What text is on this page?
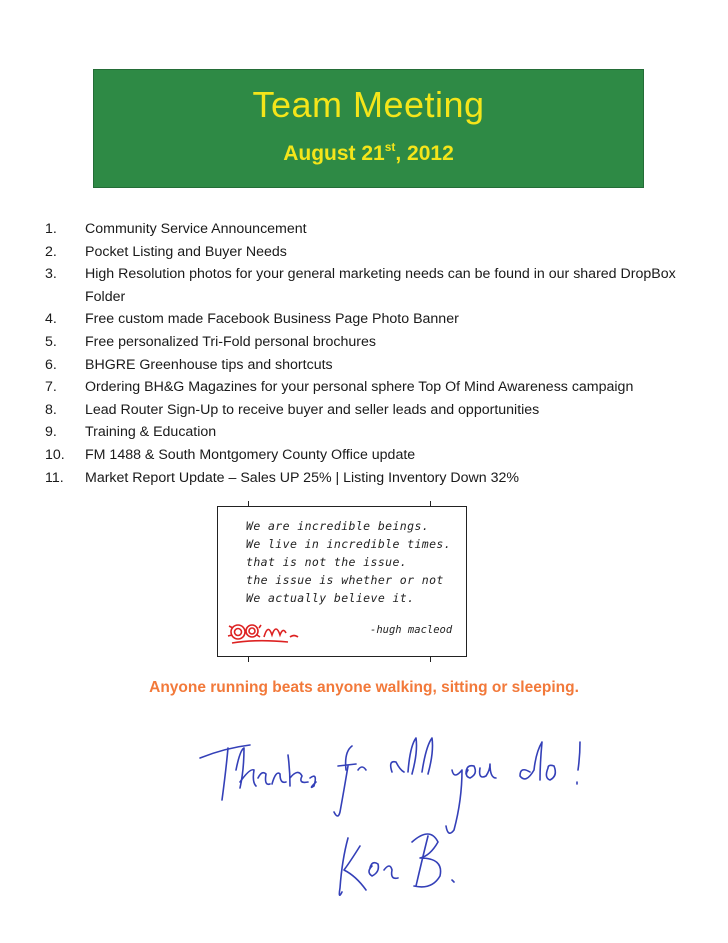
Team Meeting
August 21st, 2012
1.	Community Service Announcement
2.	Pocket Listing and Buyer Needs
3.	High Resolution photos for your general marketing needs can be found in our shared DropBox Folder
4.	Free custom made Facebook Business Page Photo Banner
5.	Free personalized Tri-Fold personal brochures
6.	BHGRE Greenhouse tips and shortcuts
7.	Ordering BH&G Magazines for your personal sphere Top Of Mind Awareness campaign
8.	Lead Router Sign-Up to receive buyer and seller leads and opportunities
9.	Training & Education
10.	FM 1488 & South Montgomery County Office update
11.	Market Report Update – Sales UP 25% | Listing Inventory Down 32%
We are incredible beings.
We live in incredible times.
that is not the issue.
the issue is whether or not
We actually believe it.
-hugh macleod
Anyone running beats anyone walking, sitting or sleeping.
